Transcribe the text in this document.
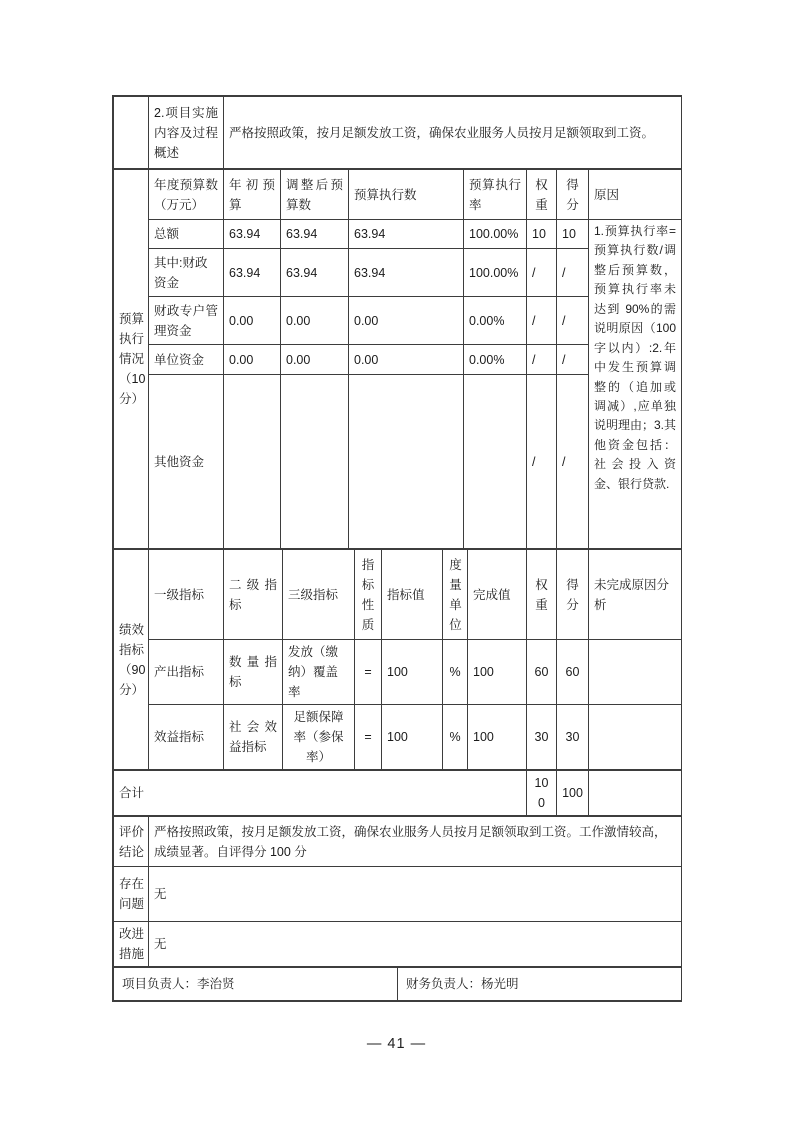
	2.项目实施内容及过程概述	严格按照政策，按月足额发放工资，确保农业服务人员按月足额领取到工资。
预算执行情况（10分）	年度预算数（万元）	年初预算	调整后预算数	预算执行数	预算执行率	权重	得分	原因
	总额	63.94	63.94	63.94	100.00%	10	10	1.预算执行率=预算执行数/调整后预算数，预算执行率未达到 90%的需说明原因（100 字以内）:2.年中发生预算调整的（追加或调减）,应单独说明理由；3.其他资金包括：社会投入资金、银行贷款.
	其中:财政资金	63.94	63.94	63.94	100.00%	/	/	
	财政专户管理资金	0.00	0.00	0.00	0.00%	/	/	
	单位资金	0.00	0.00	0.00	0.00%	/	/	
	其他资金					/	/	
绩效指标（90分）	一级指标	二级指标	三级指标	指标性质	指标值	度量单位	完成值	权重	得分	未完成原因分析
	产出指标	数量指标	发放（缴纳）覆盖率	=	100	%	100	60	60	
	效益指标	社会效益指标	足额保障率（参保率）	=	100	%	100	30	30	
合计	100	100	
评价结论	严格按照政策，按月足额发放工资，确保农业服务人员按月足额领取到工资。工作激情较高，成绩显著。自评得分 100 分

存在问题	无

改进措施	无
项目负责人：李治贤	财务负责人：杨光明
— 41 —
